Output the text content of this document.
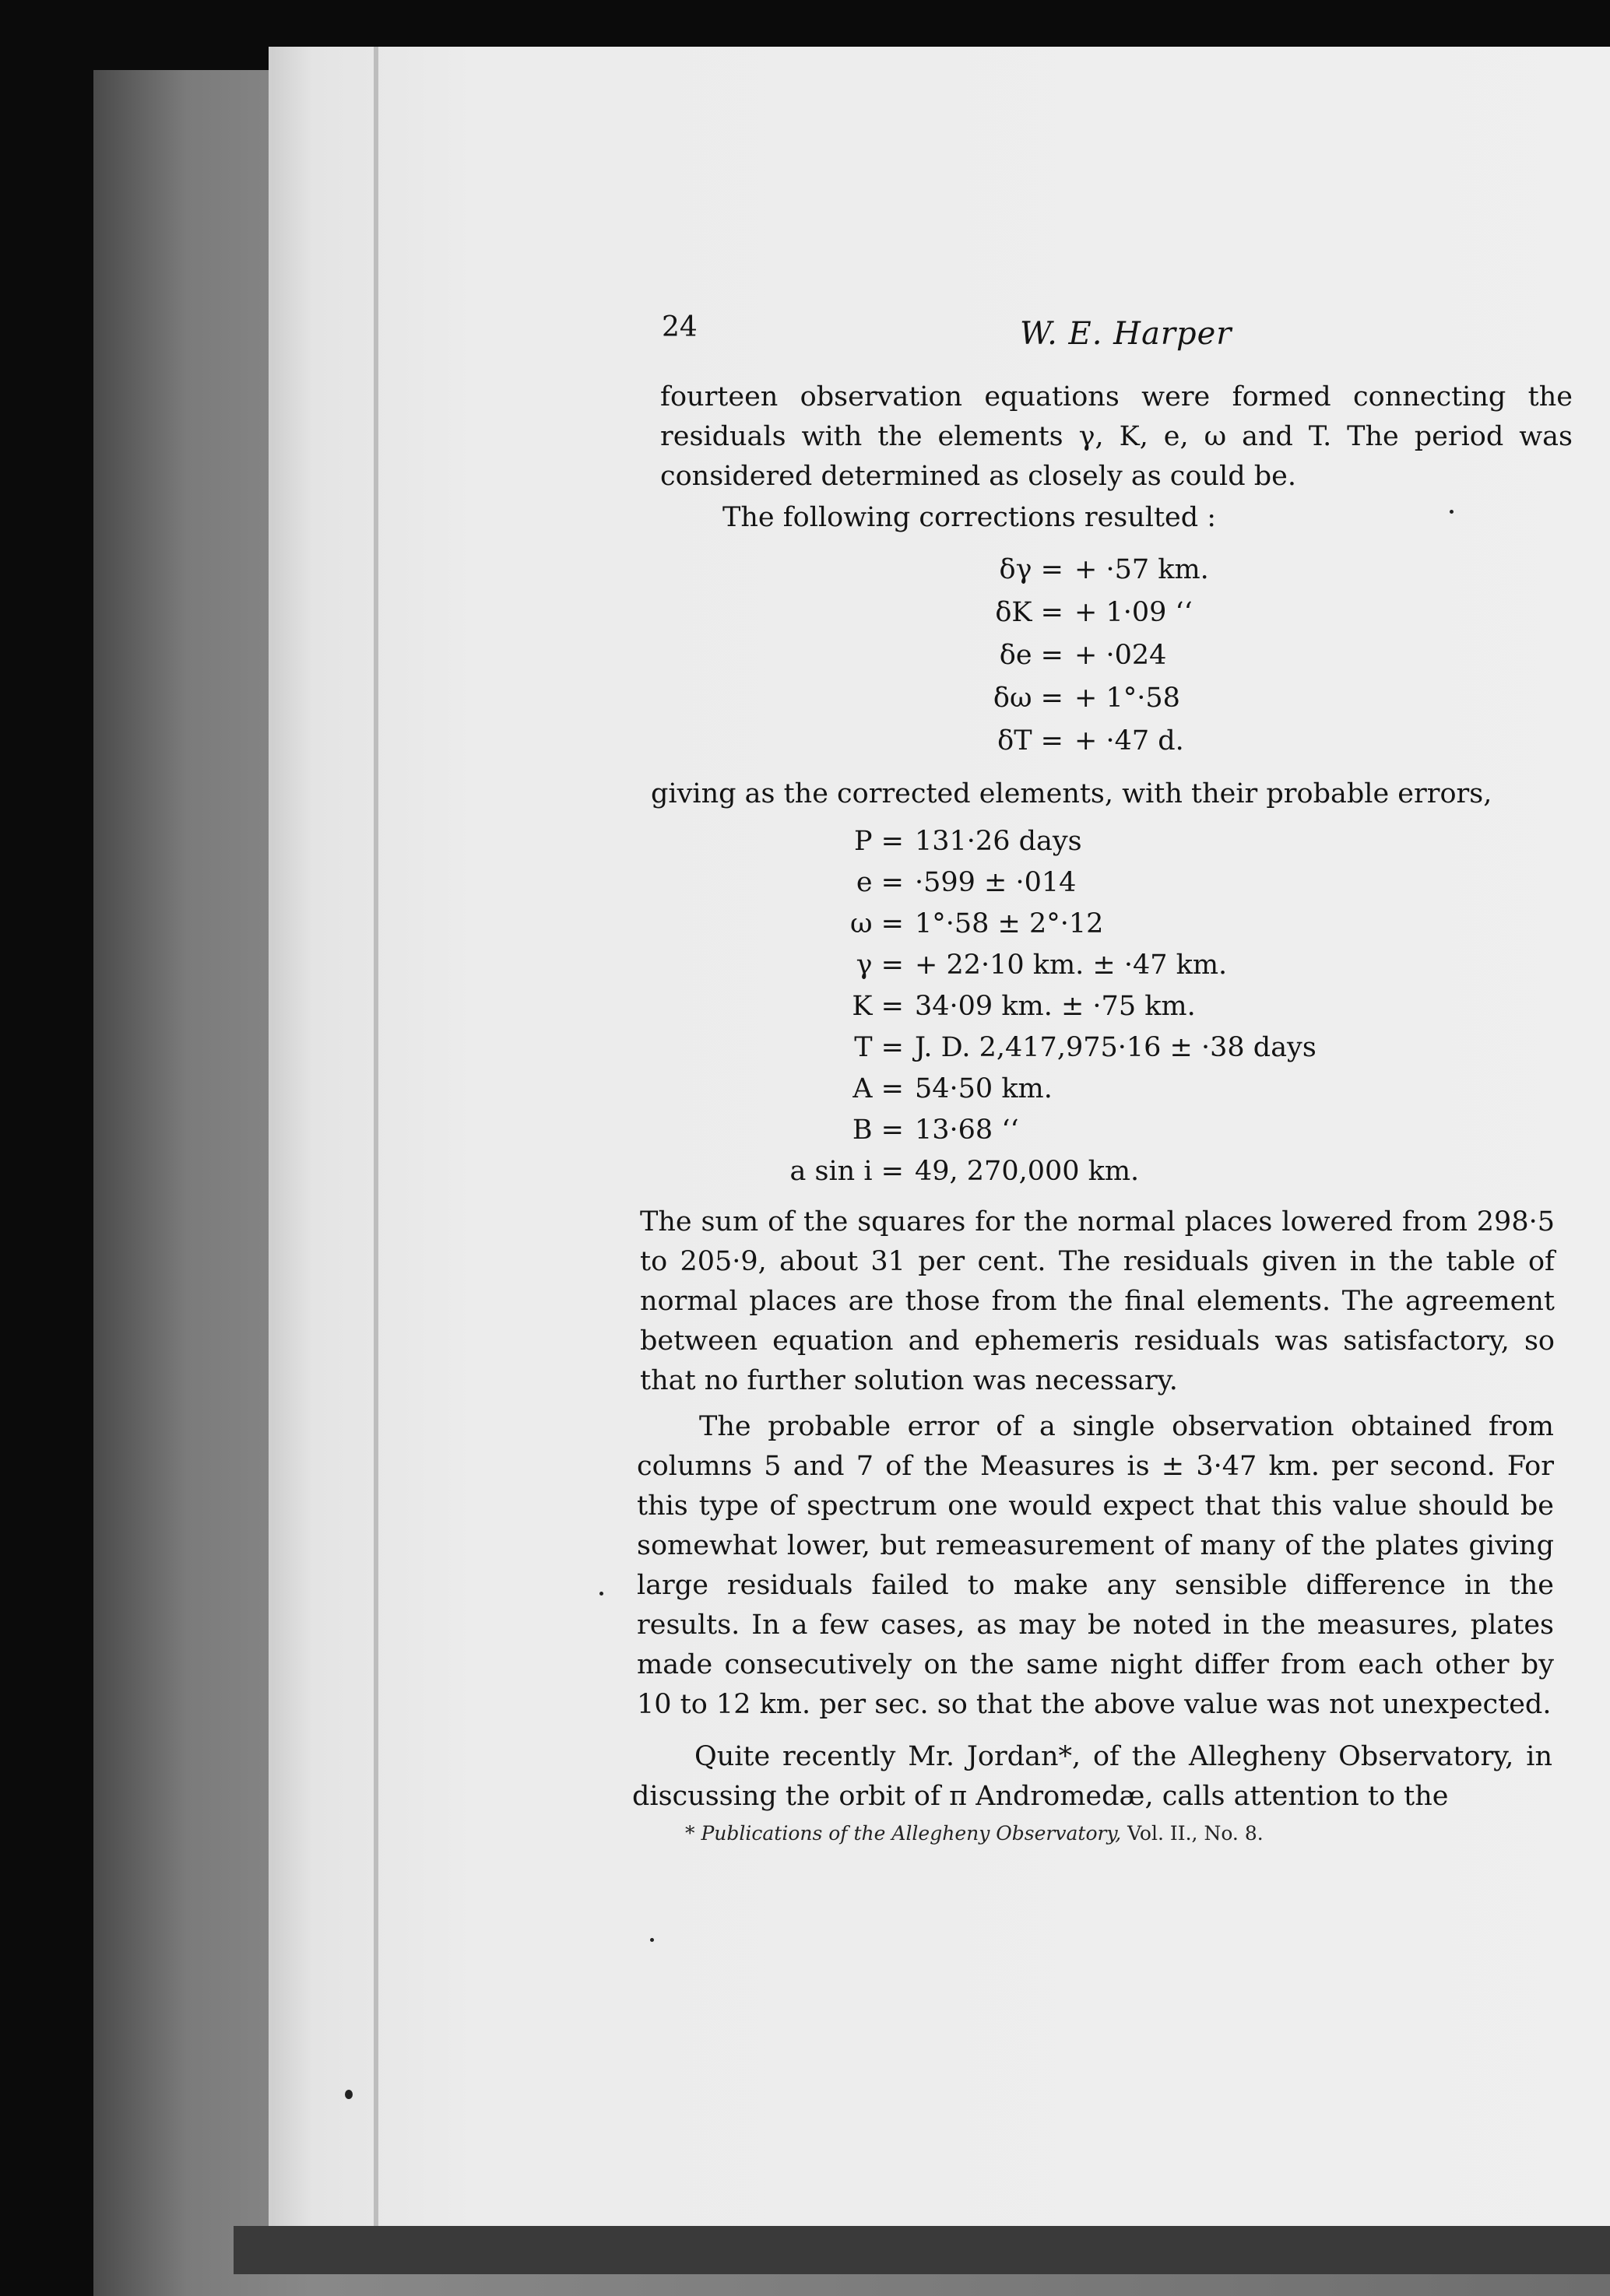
24	W. E. Harper
fourteen observation equations were formed connecting the residuals with the elements γ, K, e, ω and T. The period was considered determined as closely as could be.
The following corrections resulted :
δγ = + ·57 km.
δK = + 1·09 ‘‘
δe = + ·024
δω = + 1°·58
δT = + ·47 d.
giving as the corrected elements, with their probable errors,
P = 131·26 days
e = ·599 ± ·014
ω = 1°·58 ± 2°·12
γ = + 22·10 km. ± ·47 km.
K = 34·09 km. ± ·75 km.
T = J. D. 2,417,975·16 ± ·38 days
A = 54·50 km.
B = 13·68 ‘‘
a sin i = 49, 270,000 km.
The sum of the squares for the normal places lowered from 298·5 to 205·9, about 31 per cent. The residuals given in the table of normal places are those from the final elements. The agreement between equation and ephemeris residuals was satisfactory, so that no further solution was necessary.
The probable error of a single observation obtained from columns 5 and 7 of the Measures is ± 3·47 km. per second. For this type of spectrum one would expect that this value should be somewhat lower, but remeasurement of many of the plates giving large residuals failed to make any sensible difference in the results. In a few cases, as may be noted in the measures, plates made consecutively on the same night differ from each other by 10 to 12 km. per sec. so that the above value was not unexpected.
Quite recently Mr. Jordan*, of the Allegheny Observatory, in discussing the orbit of π Andromedæ, calls attention to the
* Publications of the Allegheny Observatory, Vol. II., No. 8.
